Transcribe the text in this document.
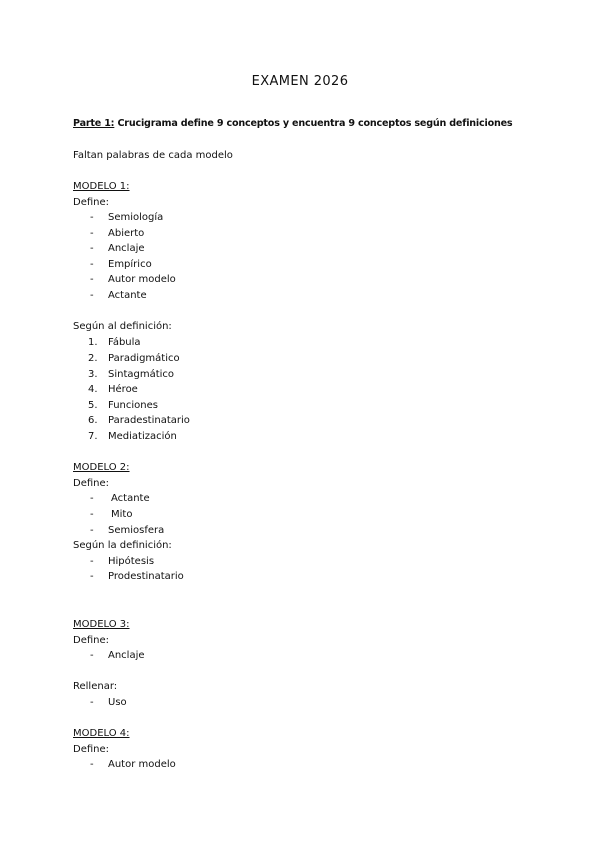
EXAMEN 2026
Parte 1: Crucigrama define 9 conceptos y encuentra 9 conceptos según definiciones
Faltan palabras de cada modelo
MODELO 1:
Define:
-	Semiología
-	Abierto
-	Anclaje
-	Empírico
-	Autor modelo
-	Actante
Según al definición:
1.	Fábula
2.	Paradigmático
3.	Sintagmático
4.	Héroe
5.	Funciones
6.	Paradestinatario
7.	Mediatización
MODELO 2:
Define:
-	Actante
-	Mito
-	Semiosfera
Según la definición:
-	Hipótesis
-	Prodestinatario
MODELO 3:
Define:
-	Anclaje
Rellenar:
-	Uso
MODELO 4:
Define:
-	Autor modelo
